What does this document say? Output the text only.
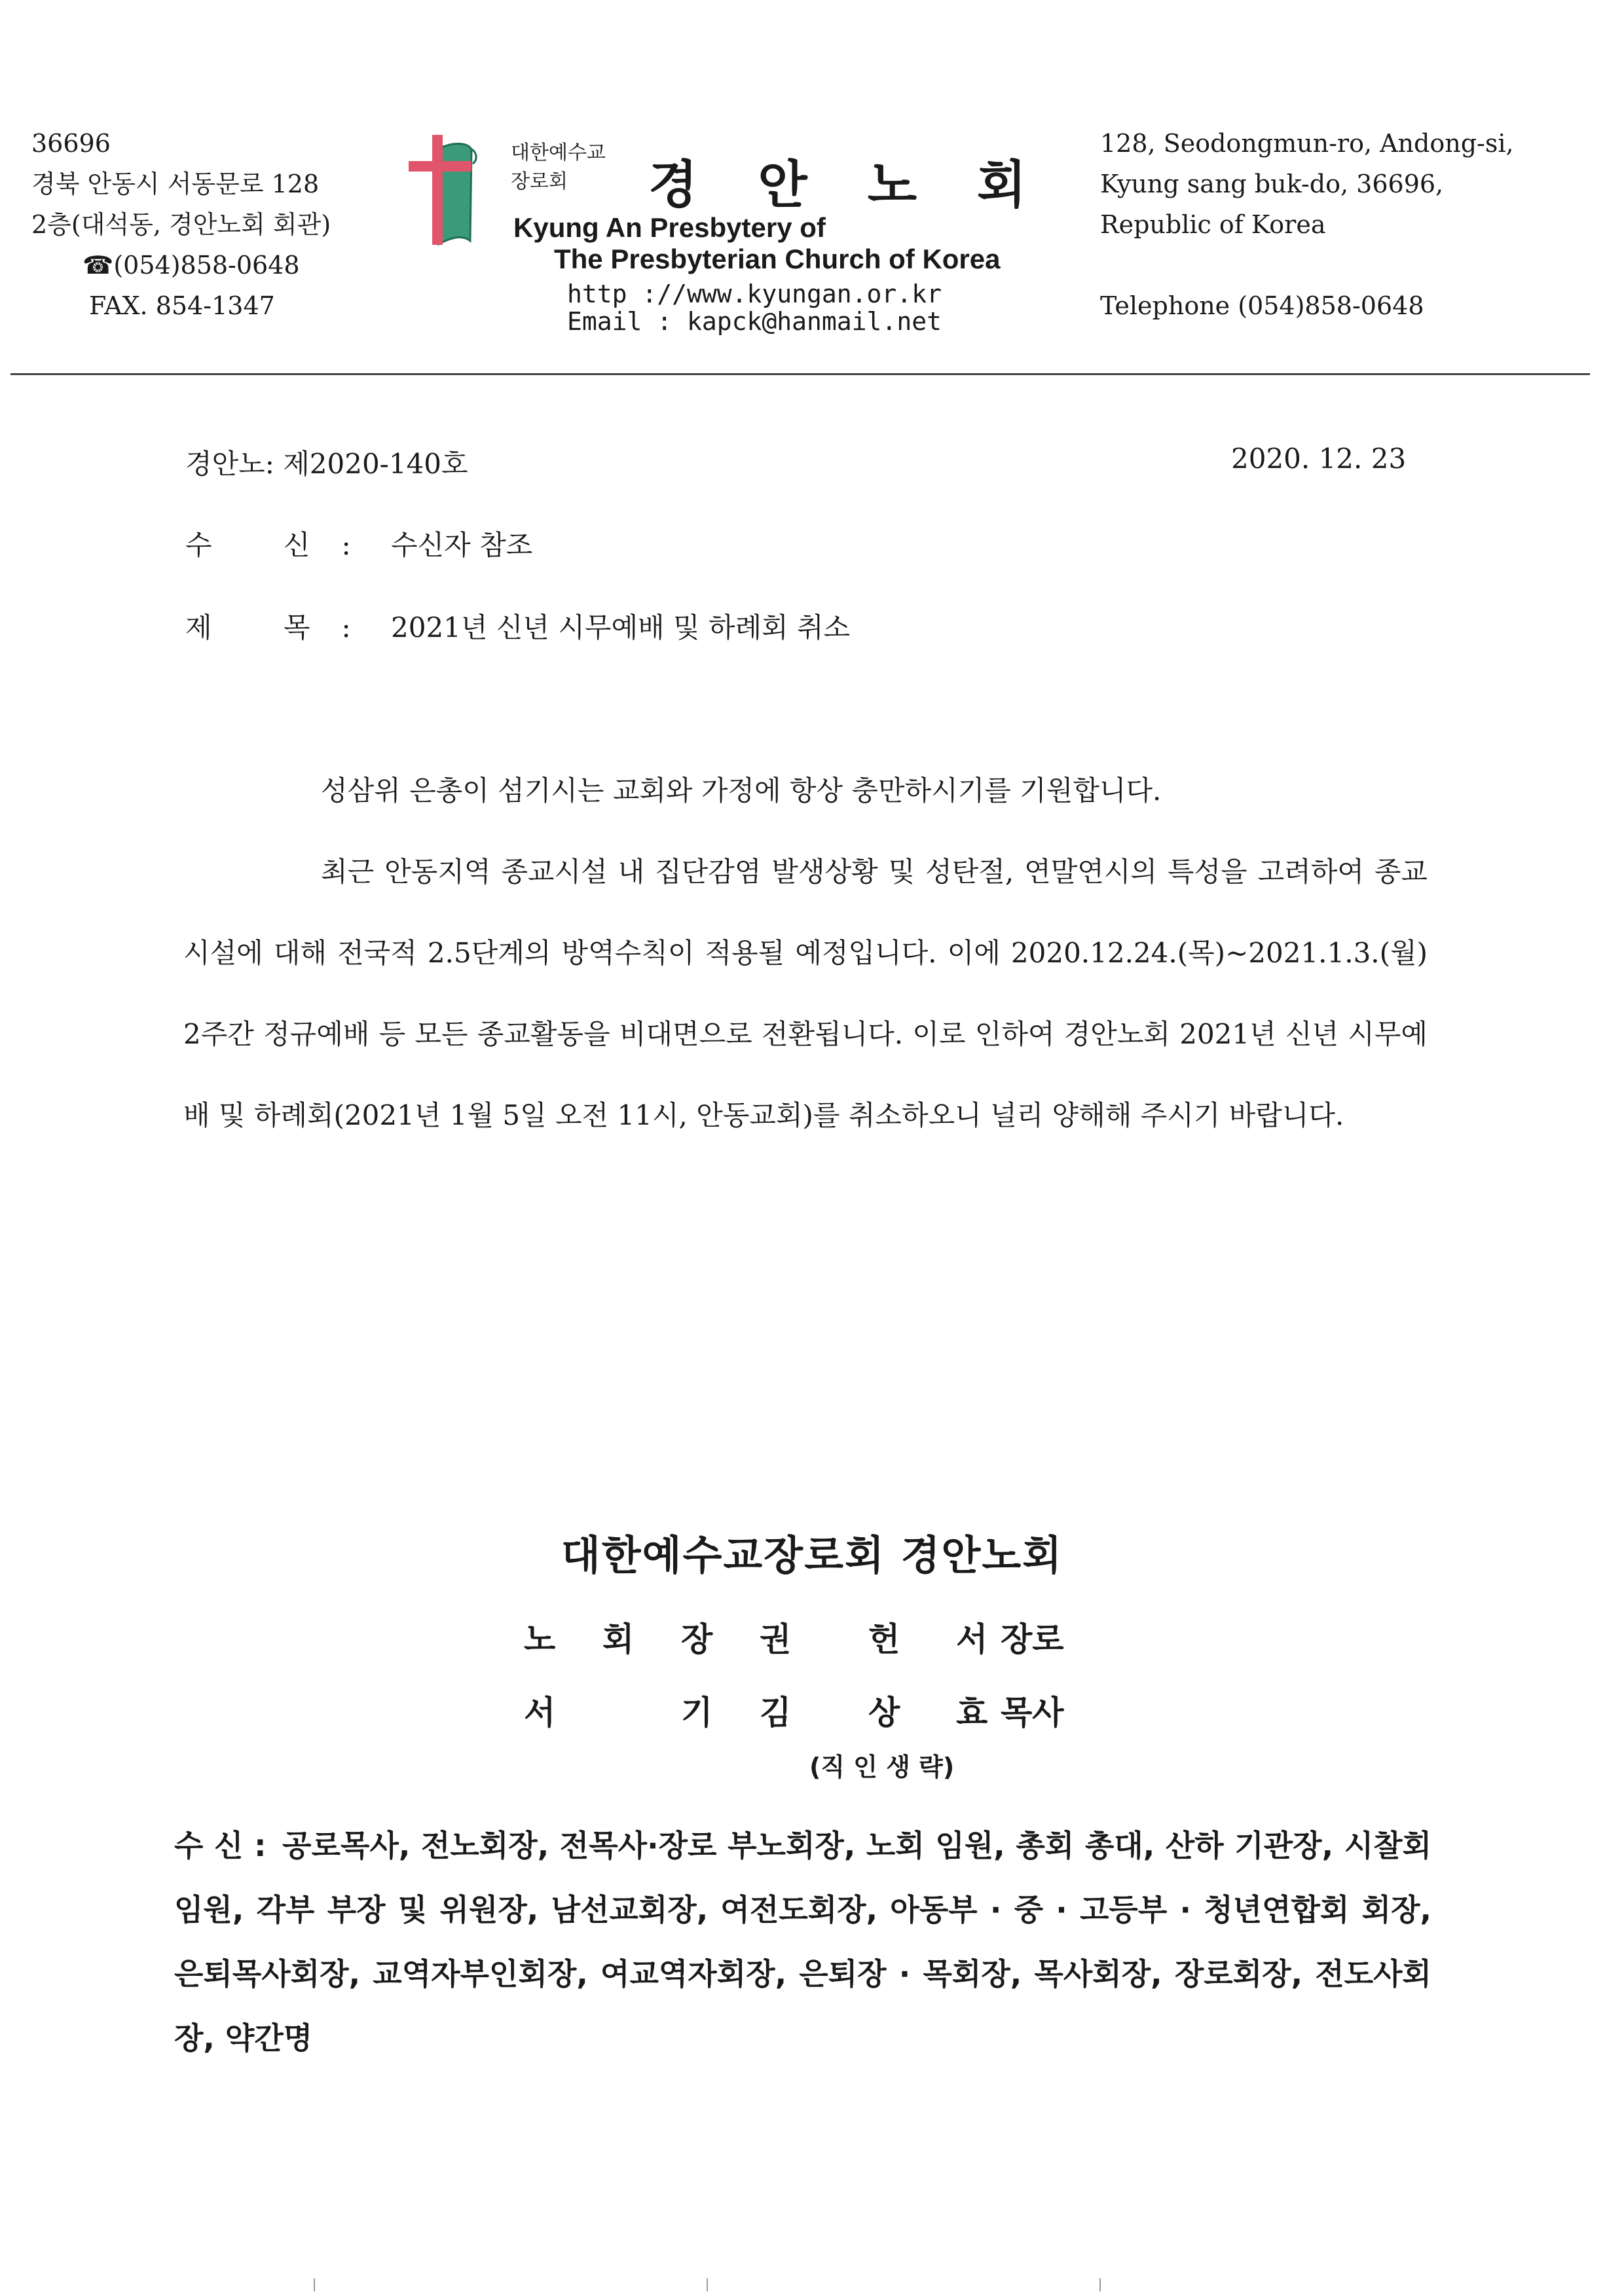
36696
경북 안동시 서동문로 128
2층(대석동, 경안노회 회관)
☎(054)858-0648
FAX. 854-1347
대한예수교
장로회	경안노회
Kyung An Presbytery of
The Presbyterian Church of Korea
http ://www.kyungan.or.kr
Email : kapck@hanmail.net
128, Seodongmun-ro, Andong-si,
Kyung sang buk-do, 36696,
Republic of Korea
Telephone (054)858-0648
경안노: 제2020-140호	2020. 12. 23
수 신: 수신자 참조
제 목: 2021년 신년 시무예배 및 하례회 취소

성삼위 은총이 섬기시는 교회와 가정에 항상 충만하시기를 기원합니다.

최근 안동지역 종교시설 내 집단감염 발생상황 및 성탄절, 연말연시의 특성을 고려하여 종교시설에 대해 전국적 2.5단계의 방역수칙이 적용될 예정입니다. 이에 2020.12.24.(목)~2021.1.3.(월) 2주간 정규예배 등 모든 종교활동을 비대면으로 전환됩니다. 이로 인하여 경안노회 2021년 신년 시무예배 및 하례회(2021년 1월 5일 오전 11시, 안동교회)를 취소하오니 널리 양해해 주시기 바랍니다.

대한예수교장로회 경안노회
노 회 장 권 헌 서 장로
서	기 김 상 효 목사
(직 인 생 략)
수 신 : 공로목사, 전노회장, 전목사·장로 부노회장, 노회 임원, 총회 총대, 산하 기관장, 시찰회 임원, 각부 부장 및 위원장, 남선교회장, 여전도회장, 아동부 · 중 · 고등부 · 청년연합회 회장, 은퇴목사회장, 교역자부인회장, 여교역자회장, 은퇴장 · 목회장, 목사회장, 장로회장, 전도사회장, 약간명
